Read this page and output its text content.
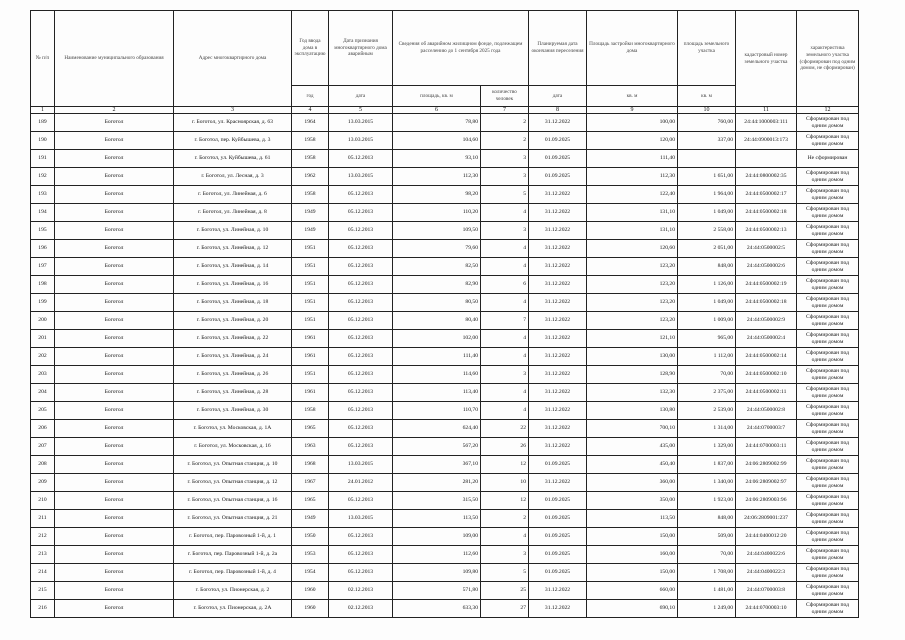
№ п/п	Наименование муниципального образования	Адрес многоквартирного дома	Год ввода дома в эксплуатацию	Дата признания многоквартирного дома аварийным	Сведения об аварийном жилищном фонде, подлежащем расселению до 1 сентября 2025 года		Планируемая дата окончания переселения	Площадь застройки многоквартирного дома	площадь земельного участка	кадастровый номер земельного участка	характеристика земельного участка (сформирован под одним домом, не сформирован)
			год	дата	площадь, кв. м	количество человек	дата	кв. м	кв. м		
1	2	3	4	5	6	7	8	9	10	11	12
189	Боготол	г. Боготол, ул. Красноярская, д. 63	1964	13.03.2015	78,80	2	31.12.2022	100,00	760,00	24:44:1000003:111	Сформирован под одним домом
190	Боготол	г. Боготол, пер. Куйбышева, д. 3	1958	13.03.2015	104,60	2	01.09.2025	120,00	337,00	24:44:0900013:173	Сформирован под одним домом
191	Боготол	г. Боготол, ул. Куйбышева, д. 61	1958	05.12.2013	93,10	3	01.09.2025	111,40			Не сформирован
192	Боготол	г. Боготол, ул. Лесная, д. 3	1962	13.03.2015	112,30	3	01.09.2025	112,30	1 651,00	24:44:0800002:35	Сформирован под одним домом
193	Боготол	г. Боготол, ул. Линейная, д. 6	1958	05.12.2013	98,20	5	31.12.2022	122,40	1 964,00	24:44:0500002:17	Сформирован под одним домом
194	Боготол	г. Боготол, ул. Линейная, д. 8	1949	05.12.2013	110,20	4	31.12.2022	131,10	1 049,00	24:44:0500002:18	Сформирован под одним домом
195	Боготол	г. Боготол, ул. Линейная, д. 10	1949	05.12.2013	109,50	3	31.12.2022	131,10	2 558,00	24:44:0500002:13	Сформирован под одним домом
196	Боготол	г. Боготол, ул. Линейная, д. 12	1951	05.12.2013	79,60	4	31.12.2022	120,60	2 051,00	24:44:0500002:5	Сформирован под одним домом
197	Боготол	г. Боготол, ул. Линейная, д. 14	1951	05.12.2013	82,50	4	31.12.2022	123,20	848,00	24:44:0500002:6	Сформирован под одним домом
198	Боготол	г. Боготол, ул. Линейная, д. 16	1951	05.12.2013	82,90	6	31.12.2022	123,20	1 126,00	24:44:0500002:19	Сформирован под одним домом
199	Боготол	г. Боготол, ул. Линейная, д. 18	1951	05.12.2013	80,50	4	31.12.2022	123,20	1 049,00	24:44:0500002:18	Сформирован под одним домом
200	Боготол	г. Боготол, ул. Линейная, д. 20	1951	05.12.2013	80,40	7	31.12.2022	123,20	1 009,00	24:44:0500002:9	Сформирован под одним домом
201	Боготол	г. Боготол, ул. Линейная, д. 22	1961	05.12.2013	102,00	4	31.12.2022	121,10	965,00	24:44:0500002:4	Сформирован под одним домом
202	Боготол	г. Боготол, ул. Линейная, д. 24	1961	05.12.2013	111,40	4	31.12.2022	130,00	1 112,00	24:44:0500002:14	Сформирован под одним домом
203	Боготол	г. Боготол, ул. Линейная, д. 26	1951	05.12.2013	114,60	3	31.12.2022	128,90	70,00	24:44:0500002:10	Сформирован под одним домом
204	Боготол	г. Боготол, ул. Линейная, д. 28	1961	05.12.2013	113,40	4	31.12.2022	132,30	2 375,00	24:44:0500002:11	Сформирован под одним домом
205	Боготол	г. Боготол, ул. Линейная, д. 30	1958	05.12.2013	110,70	4	31.12.2022	130,80	2 539,00	24:44:0500002:8	Сформирован под одним домом
206	Боготол	г. Боготол, ул. Московская, д. 1А	1965	05.12.2013	624,40	22	31.12.2022	700,10	1 314,00	24:44:0700003:7	Сформирован под одним домом
207	Боготол	г. Боготол, ул. Московская, д. 16	1963	05.12.2013	567,20	26	31.12.2022	435,00	1 329,00	24:44:0700003:11	Сформирован под одним домом
208	Боготол	г. Боготол, ул. Опытная станция, д. 10	1968	13.03.2015	367,10	12	01.09.2025	450,40	1 837,00	24:06:2809002:99	Сформирован под одним домом
209	Боготол	г. Боготол, ул. Опытная станция, д. 12	1967	24.01.2012	281,20	10	31.12.2022	360,00	1 340,00	24:06:2809002:97	Сформирован под одним домом
210	Боготол	г. Боготол, ул. Опытная станция, д. 16	1965	05.12.2013	315,50	12	01.09.2025	350,00	1 923,00	24:06:2809003:96	Сформирован под одним домом
211	Боготол	г. Боготол, ул. Опытная станция, д. 21	1949	13.03.2015	113,50	2	01.09.2025	113,50	848,00	24:06:2809001:237	Сформирован под одним домом
212	Боготол	г. Боготол, пер. Паровозный 1-й, д. 1	1950	05.12.2013	109,00	4	01.09.2025	150,00	509,00	24:44:0400012:20	Сформирован под одним домом
213	Боготол	г. Боготол, пер. Паровозный 1-й, д. 2а	1953	05.12.2013	112,60	3	01.09.2025	160,00	70,00	24:44:0400022:6	Сформирован под одним домом
214	Боготол	г. Боготол, пер. Паровозный 1-й, д. 4	1954	05.12.2013	109,80	5	01.09.2025	150,00	1 708,00	24:44:0400022:3	Сформирован под одним домом
215	Боготол	г. Боготол, ул. Пионерская, д. 2	1960	02.12.2013	571,80	25	31.12.2022	660,00	1 481,00	24:44:0700003:8	Сформирован под одним домом
216	Боготол	г. Боготол, ул. Пионерская, д. 2А	1960	02.12.2013	633,30	27	31.12.2022	690,10	1 249,00	24:44:0700003:10	Сформирован под одним домом
